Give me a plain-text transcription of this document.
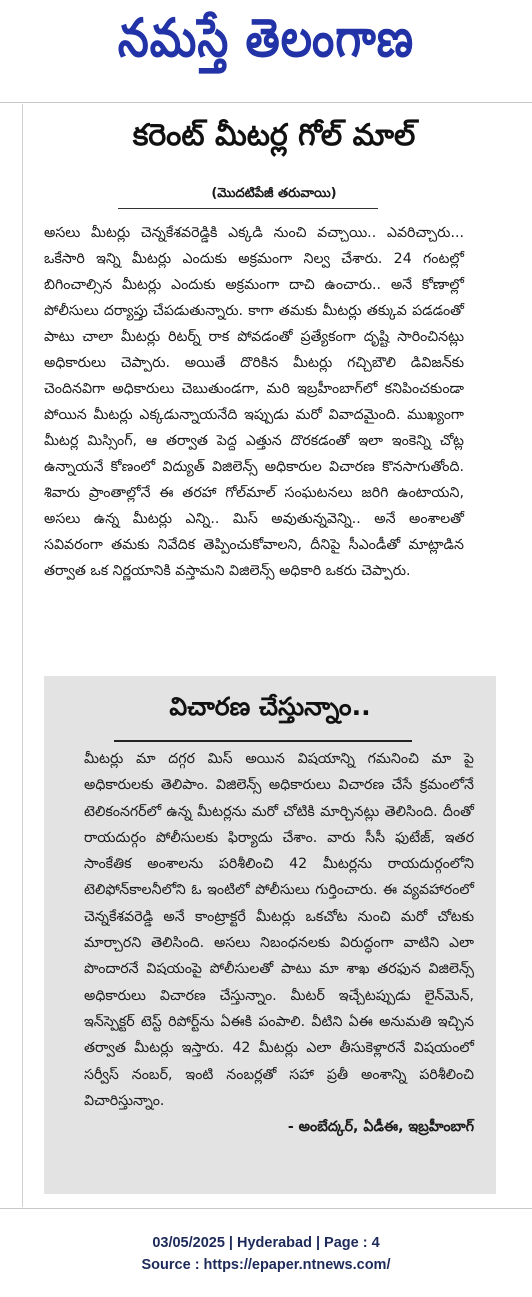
నమస్తే తెలంగాణ
కరెంట్ మీటర్ల గోల్ మాల్
(మొదటిపేజీ తరువాయి)
అసలు మీటర్లు చెన్నకేశవరెడ్డికి ఎక్కడి నుంచి వచ్చాయి.. ఎవరిచ్చారు... ఒకేసారి ఇన్ని మీటర్లు ఎందుకు అక్రమంగా నిల్వ చేశారు. 24 గంటల్లో బిగించాల్సిన మీటర్లు ఎందుకు అక్రమంగా దాచి ఉంచారు.. అనే కోణాల్లో పోలీసులు దర్యాప్తు చేపడుతున్నారు. కాగా తమకు మీటర్లు తక్కువ పడడంతో పాటు చాలా మీటర్లు రిటర్న్ రాక పోవడంతో ప్రత్యేకంగా దృష్టి సారించినట్లు అధికారులు చెప్పారు. అయితే దొరికిన మీటర్లు గచ్చిబౌలి డివిజన్‌కు చెందినవిగా అధికారులు చెబుతుండగా, మరి ఇబ్రహీంబాగ్‌లో కనిపించకుండా పోయిన మీటర్లు ఎక్కడున్నాయనేది ఇప్పుడు మరో వివాదమైంది. ముఖ్యంగా మీటర్ల మిస్సింగ్, ఆ తర్వాత పెద్ద ఎత్తున దొరకడంతో ఇలా ఇంకెన్ని చోట్ల ఉన్నాయనే కోణంలో విద్యుత్ విజిలెన్స్ అధికారుల విచారణ కొనసాగుతోంది. శివారు ప్రాంతాల్లోనే ఈ తరహా గోల్‌మాల్ సంఘటనలు జరిగి ఉంటాయని, అసలు ఉన్న మీటర్లు ఎన్ని.. మిస్ అవుతున్నవెన్ని.. అనే అంశాలతో సవివరంగా తమకు నివేదిక తెప్పించుకోవాలని, దీనిపై సీఎండీతో మాట్లాడిన తర్వాత ఒక నిర్ణయానికి వస్తామని విజిలెన్స్ అధికారి ఒకరు చెప్పారు.
విచారణ చేస్తున్నాం..
మీటర్లు మా దగ్గర మిస్ అయిన విషయాన్ని గమనించి మా పై అధికారులకు తెలిపాం. విజిలెన్స్ అధికారులు విచారణ చేసే క్రమంలోనే టెలికంనగర్‌లో ఉన్న మీటర్లను మరో చోటికి మార్చినట్లు తెలిసింది. దీంతో రాయదుర్గం పోలీసులకు ఫిర్యాదు చేశాం. వారు సీసీ ఫుటేజ్, ఇతర సాంకేతిక అంశాలను పరిశీలించి 42 మీటర్లను రాయదుర్గంలోని టెలిఫోన్‌కాలనీలోని ఓ ఇంటిలో పోలీసులు గుర్తించారు. ఈ వ్యవహారంలో చెన్నకేశవరెడ్డి అనే కాంట్రాక్టరే మీటర్లు ఒకచోట నుంచి మరో చోటకు మార్చారని తెలిసింది. అసలు నిబంధనలకు విరుద్ధంగా వాటిని ఎలా పొందారనే విషయంపై పోలీసులతో పాటు మా శాఖ తరఫున విజిలెన్స్ అధికారులు విచారణ చేస్తున్నాం. మీటర్ ఇచ్చేటప్పుడు లైన్‌మెన్, ఇన్‌స్పెక్టర్ టెస్ట్ రిపోర్ట్‌ను ఏఈకి పంపాలి. వీటిని ఏఈ అనుమతి ఇచ్చిన తర్వాత మీటర్లు ఇస్తారు. 42 మీటర్లు ఎలా తీసుకెళ్లారనే విషయంలో సర్వీస్ నంబర్, ఇంటి నంబర్లతో సహా ప్రతీ అంశాన్ని పరిశీలించి విచారిస్తున్నాం.
- అంబేద్కర్, ఏడీఈ, ఇబ్రహీంబాగ్
03/05/2025 | Hyderabad | Page : 4
Source : https://epaper.ntnews.com/
